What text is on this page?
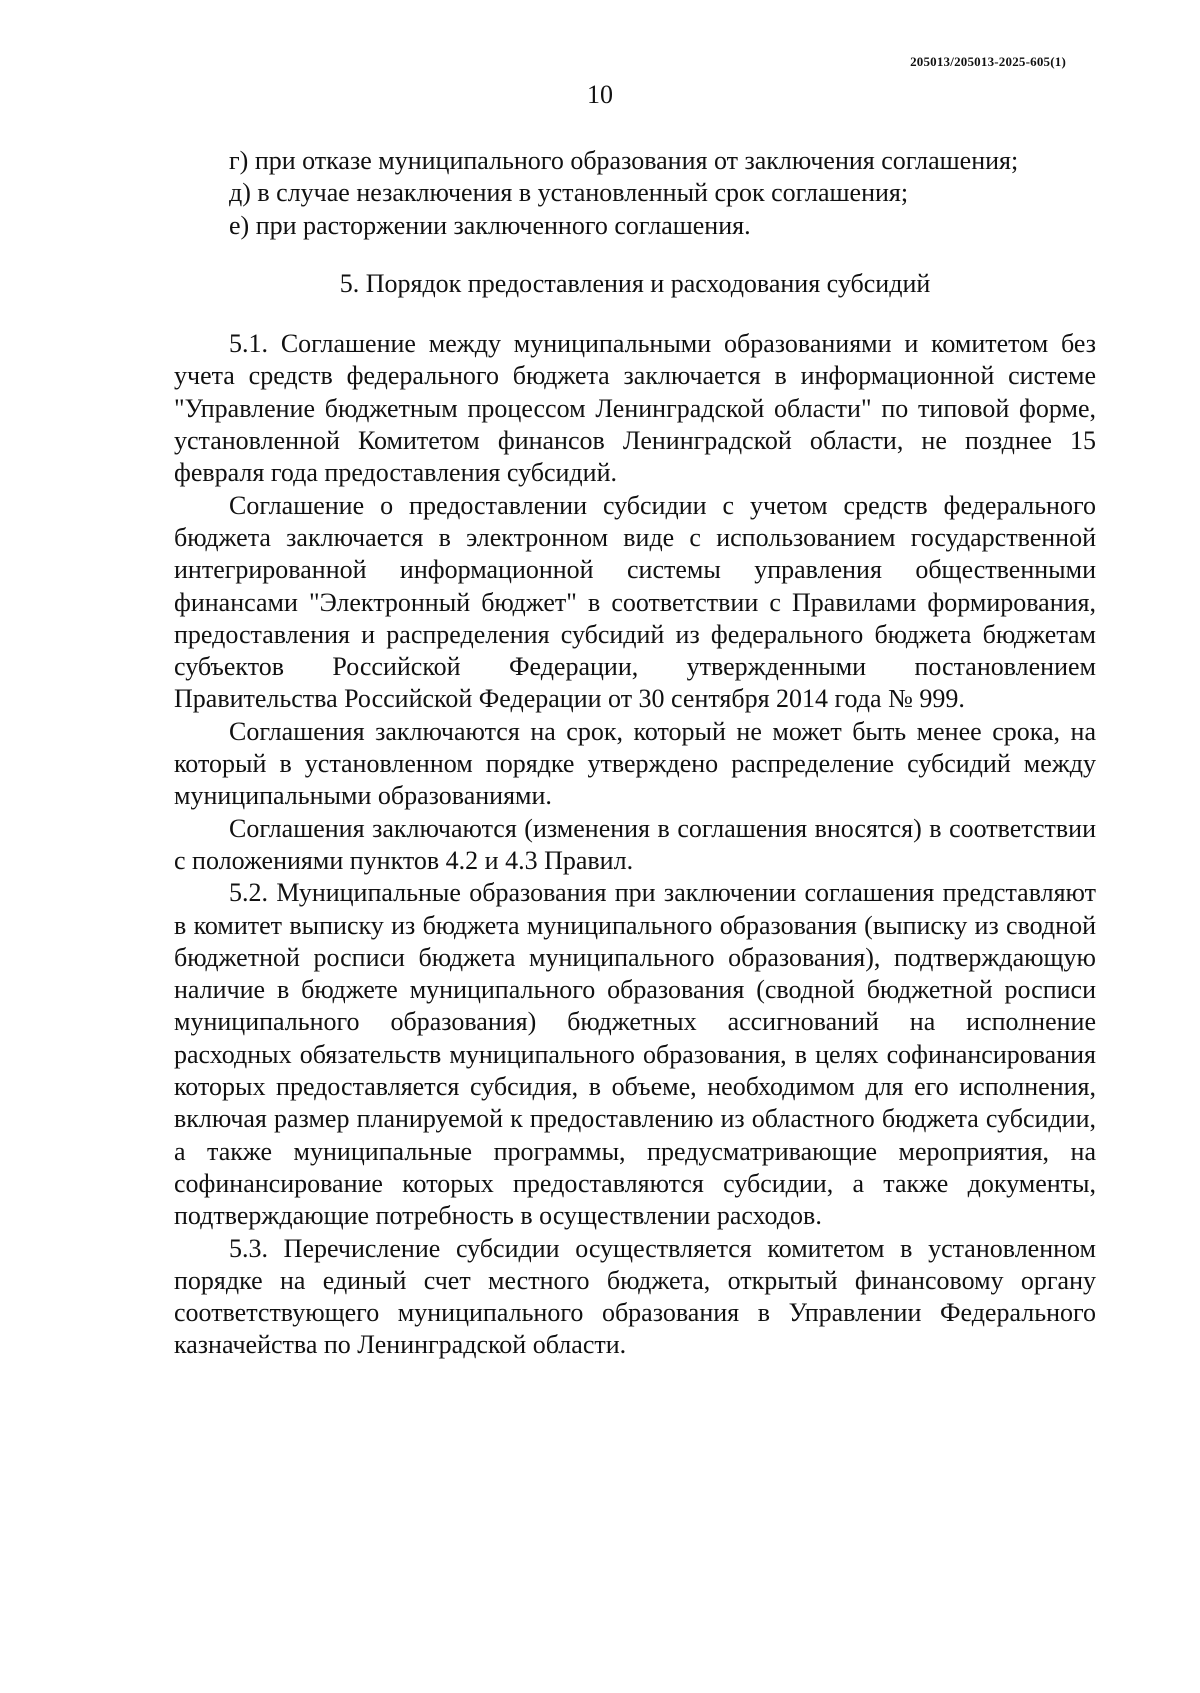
205013/205013-2025-605(1)
10

г) при отказе муниципального образования от заключения соглашения;

д) в случае незаключения в установленный срок соглашения;

е) при расторжении заключенного соглашения.

5. Порядок предоставления и расходования субсидий

5.1. Соглашение между муниципальными образованиями и комитетом без учета средств федерального бюджета заключается в информационной системе "Управление бюджетным процессом Ленинградской области" по типовой форме, установленной Комитетом финансов Ленинградской области, не позднее 15 февраля года предоставления субсидий.

Соглашение о предоставлении субсидии с учетом средств федерального бюджета заключается в электронном виде с использованием государственной интегрированной информационной системы управления общественными финансами "Электронный бюджет" в соответствии с Правилами формирования, предоставления и распределения субсидий из федерального бюджета бюджетам субъектов Российской Федерации, утвержденными постановлением Правительства Российской Федерации от 30 сентября 2014 года № 999.

Соглашения заключаются на срок, который не может быть менее срока, на который в установленном порядке утверждено распределение субсидий между муниципальными образованиями.

Соглашения заключаются (изменения в соглашения вносятся) в соответствии с положениями пунктов 4.2 и 4.3 Правил.

5.2. Муниципальные образования при заключении соглашения представляют в комитет выписку из бюджета муниципального образования (выписку из сводной бюджетной росписи бюджета муниципального образования), подтверждающую наличие в бюджете муниципального образования (сводной бюджетной росписи муниципального образования) бюджетных ассигнований на исполнение расходных обязательств муниципального образования, в целях софинансирования которых предоставляется субсидия, в объеме, необходимом для его исполнения, включая размер планируемой к предоставлению из областного бюджета субсидии, а также муниципальные программы, предусматривающие мероприятия, на софинансирование которых предоставляются субсидии, а также документы, подтверждающие потребность в осуществлении расходов.

5.3. Перечисление субсидии осуществляется комитетом в установленном порядке на единый счет местного бюджета, открытый финансовому органу соответствующего муниципального образования в Управлении Федерального казначейства по Ленинградской области.
